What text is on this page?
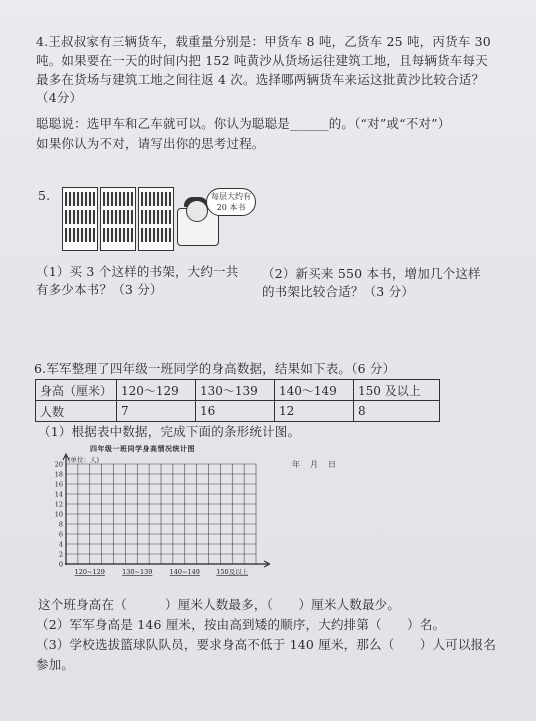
4.王叔叔家有三辆货车，载重量分别是：甲货车 8 吨，乙货车 25 吨，丙货车 30
吨。如果要在一天的时间内把 152 吨黄沙从货场运往建筑工地，且每辆货车每天
最多在货场与建筑工地之间往返 4 次。选择哪两辆货车来运这批黄沙比较合适？
（4分）
聪聪说：选甲车和乙车就可以。你认为聪聪是______的。（“对”或“不对”）
如果你认为不对，请写出你的思考过程。
5.	每层大约有
20 本书
（1）买 3 个这样的书架，大约一共
有多少本书？（3 分）
（2）新买来 550 本书，增加几个这样
的书架比较合适？（3 分）
6.军军整理了四年级一班同学的身高数据，结果如下表。（6 分）
身高（厘米）	120～129	130～139	140～149	150 及以上
人数	7	16	12	8
（1）根据表中数据，完成下面的条形统计图。
四年级一班同学身高情况统计图
年　月　日
0
2
4
6
8
10
12
14
16
18
20
(单位：人)
120~129	130~139	140~149	150及以上
这个班身高在（　　　）厘米人数最多，（　　）厘米人数最少。
（2）军军身高是 146 厘米，按由高到矮的顺序，大约排第（　　）名。
（3）学校选拔篮球队队员，要求身高不低于 140 厘米，那么（　　）人可以报名
参加。
